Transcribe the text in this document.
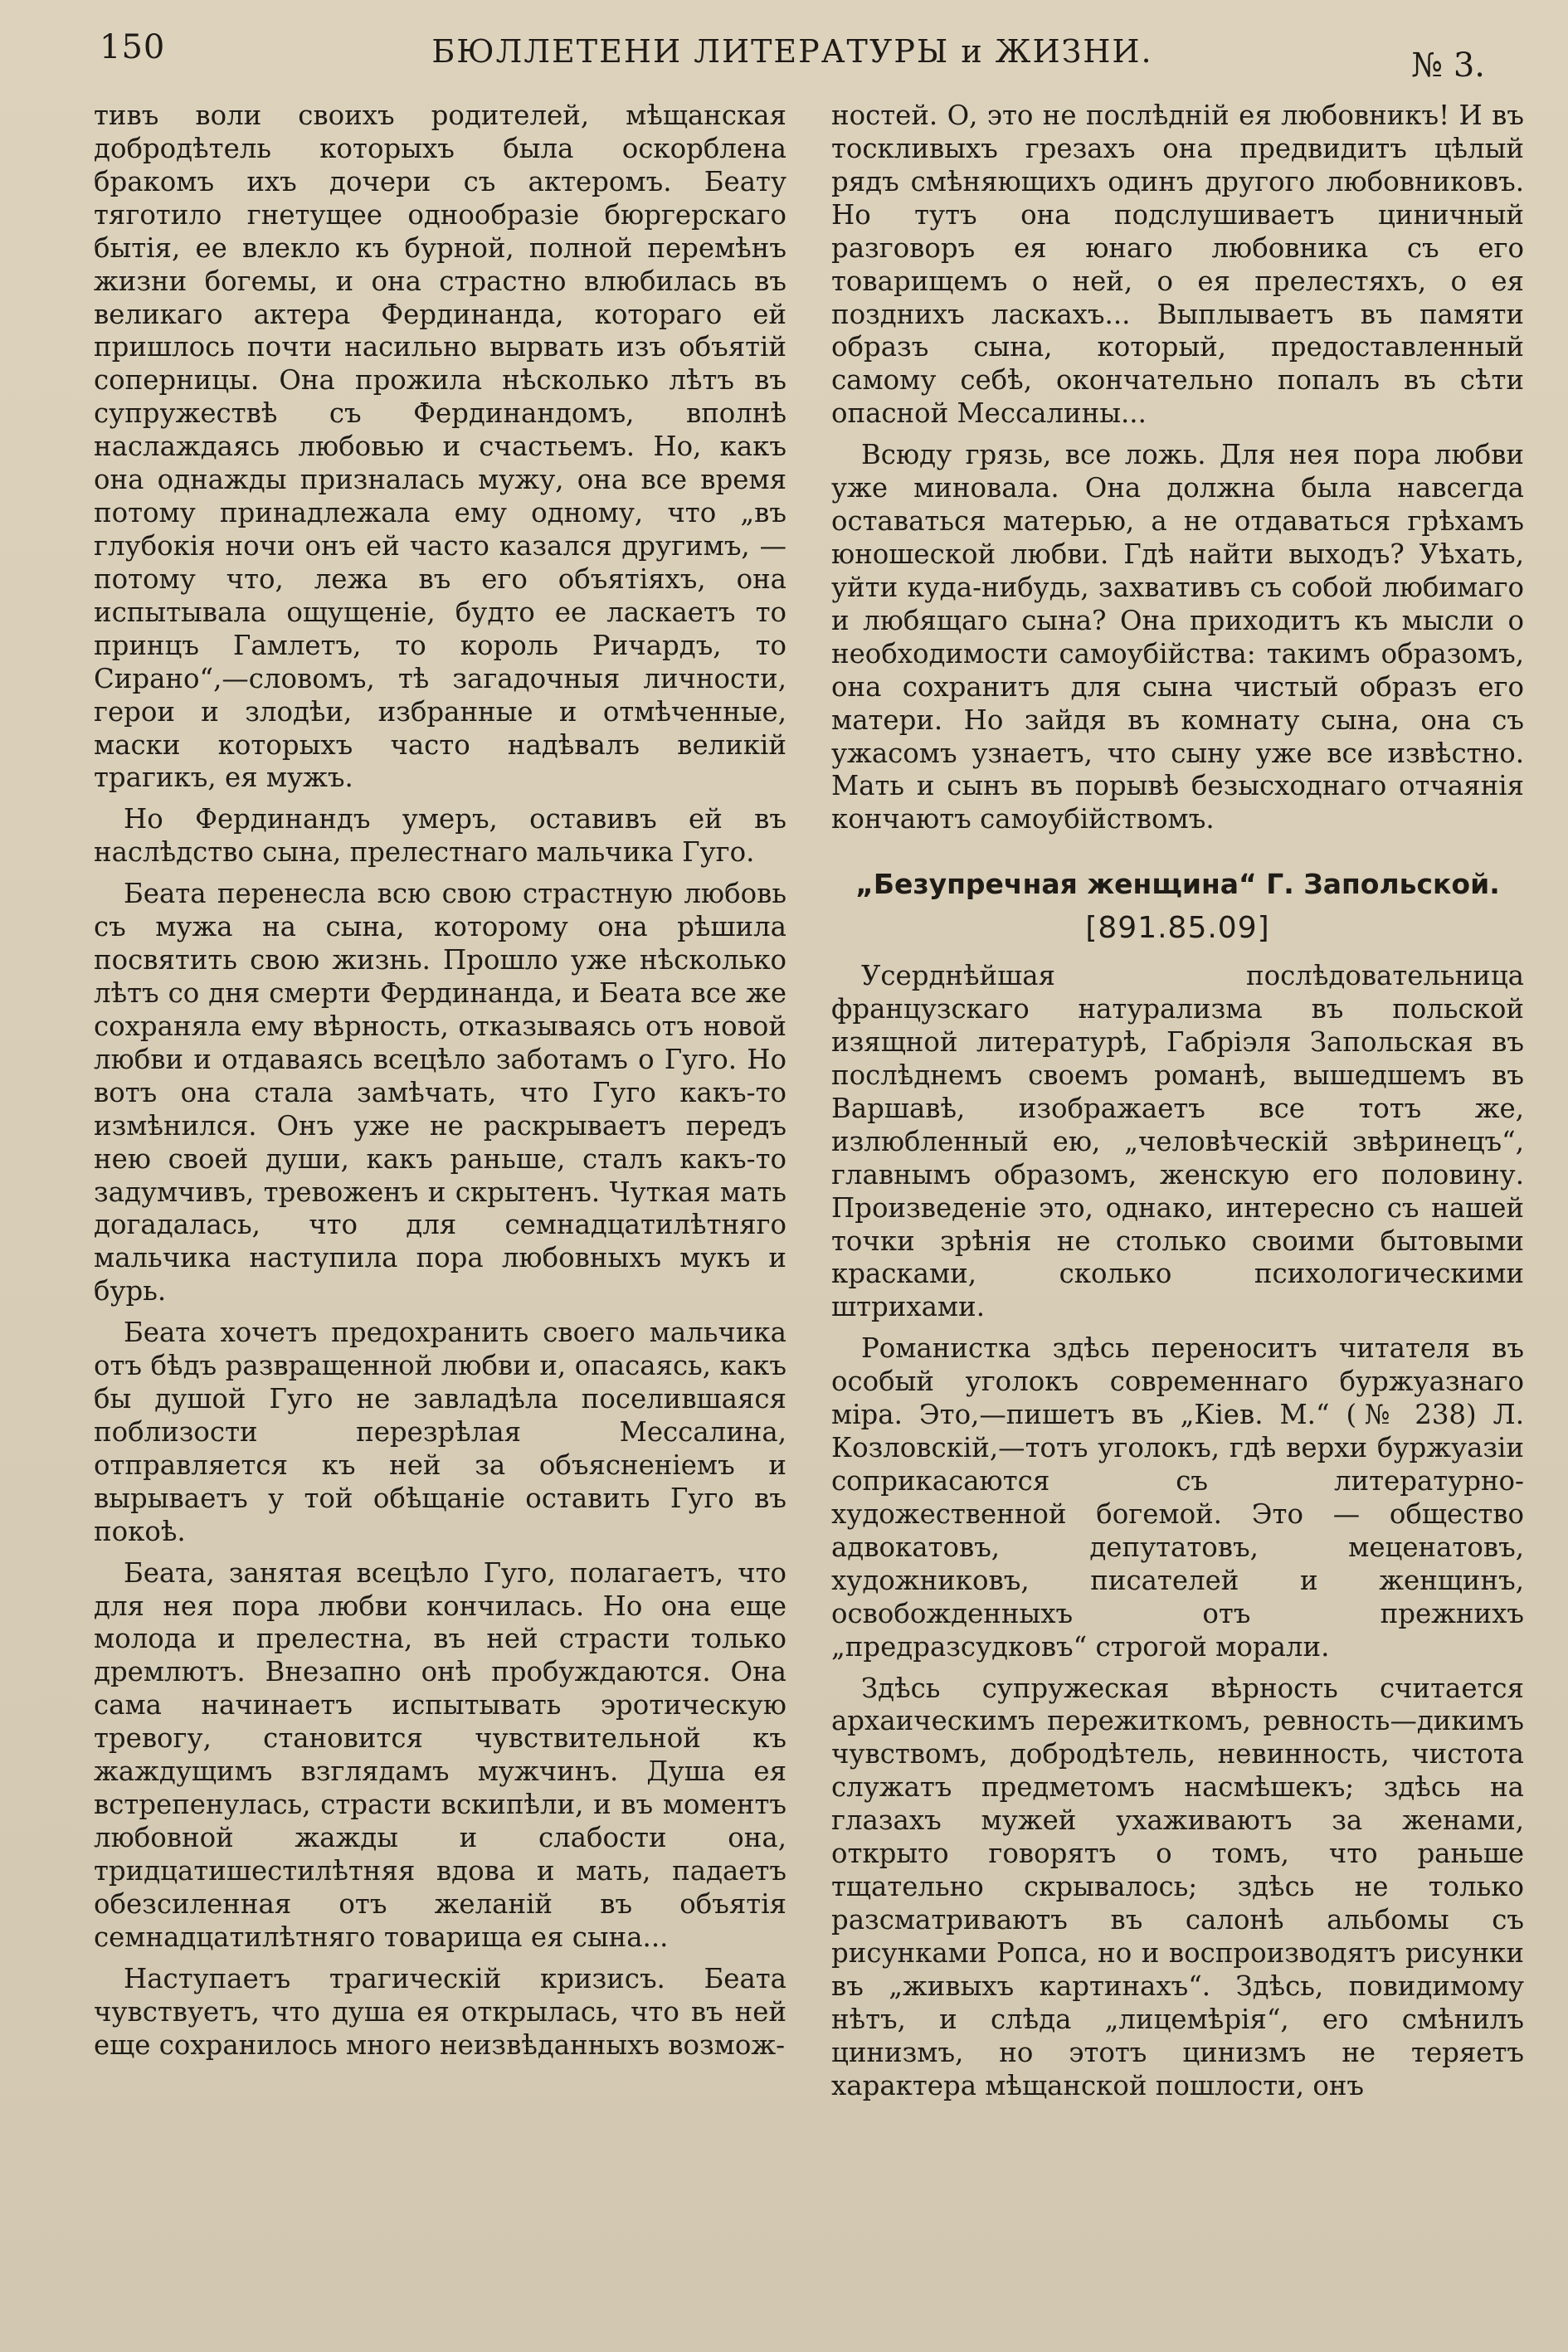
150	БЮЛЛЕТЕНИ ЛИТЕРАТУРЫ и ЖИЗНИ.	№ 3.

тивъ воли своихъ родителей, мѣщанская добродѣтель которыхъ была оскорблена бракомъ ихъ дочери съ актеромъ. Беату тяготило гнетущее однообразіе бюргерскаго бытія, ее влекло къ бурной, полной перемѣнъ жизни богемы, и она страстно влюбилась въ великаго актера Фердинанда, котораго ей пришлось почти насильно вырвать изъ объятій соперницы. Она прожила нѣсколько лѣтъ въ супружествѣ съ Фердинандомъ, вполнѣ наслаждаясь любовью и счастьемъ. Но, какъ она однажды призналась мужу, она все время потому принадлежала ему одному, что „въ глубокія ночи онъ ей часто казался другимъ, — потому что, лежа въ его объятіяхъ, она испытывала ощущеніе, будто ее ласкаетъ то принцъ Гамлетъ, то король Ричардъ, то Сирано“,—словомъ, тѣ загадочныя личности, герои и злодѣи, избранные и отмѣченные, маски которыхъ часто надѣвалъ великій трагикъ, ея мужъ.

Но Фердинандъ умеръ, оставивъ ей въ наслѣдство сына, прелестнаго мальчика Гуго.

Беата перенесла всю свою страстную любовь съ мужа на сына, которому она рѣшила посвятить свою жизнь. Прошло уже нѣсколько лѣтъ со дня смерти Фердинанда, и Беата все же сохраняла ему вѣрность, отказываясь отъ новой любви и отдаваясь всецѣло заботамъ о Гуго. Но вотъ она стала замѣчать, что Гуго какъ-то измѣнился. Онъ уже не раскрываетъ передъ нею своей души, какъ раньше, сталъ какъ-то задумчивъ, тревоженъ и скрытенъ. Чуткая мать догадалась, что для семнадцатилѣтняго мальчика наступила пора любовныхъ мукъ и бурь.

Беата хочетъ предохранить своего мальчика отъ бѣдъ развращенной любви и, опасаясь, какъ бы душой Гуго не завладѣла поселившаяся поблизости перезрѣлая Мессалина, отправляется къ ней за объясненіемъ и вырываетъ у той обѣщаніе оставить Гуго въ покоѣ.

Беата, занятая всецѣло Гуго, полагаетъ, что для нея пора любви кончилась. Но она еще молода и прелестна, въ ней страсти только дремлютъ. Внезапно онѣ пробуждаются. Она сама начинаетъ испытывать эротическую тревогу, становится чувствительной къ жаждущимъ взглядамъ мужчинъ. Душа ея встрепенулась, страсти вскипѣли, и въ моментъ любовной жажды и слабости она, тридцатишестилѣтняя вдова и мать, падаетъ обезсиленная отъ желаній въ объятія семнадцатилѣтняго товарища ея сына...

Наступаетъ трагическій кризисъ. Беата чувствуетъ, что душа ея открылась, что въ ней еще сохранилось много неизвѣданныхъ возмож-

ностей. О, это не послѣдній ея любовникъ! И въ тоскливыхъ грезахъ она предвидитъ цѣлый рядъ смѣняющихъ одинъ другого любовниковъ. Но тутъ она подслушиваетъ циничный разговоръ ея юнаго любовника съ его товарищемъ о ней, о ея прелестяхъ, о ея позднихъ ласкахъ... Выплываетъ въ памяти образъ сына, который, предоставленный самому себѣ, окончательно попалъ въ сѣти опасной Мессалины...

Всюду грязь, все ложь. Для нея пора любви уже миновала. Она должна была навсегда оставаться матерью, а не отдаваться грѣхамъ юношеской любви. Гдѣ найти выходъ? Уѣхать, уйти куда-нибудь, захвативъ съ собой любимаго и любящаго сына? Она приходитъ къ мысли о необходимости самоубійства: такимъ образомъ, она сохранитъ для сына чистый образъ его матери. Но зайдя въ комнату сына, она съ ужасомъ узнаетъ, что сыну уже все извѣстно. Мать и сынъ въ порывѣ безысходнаго отчаянія кончаютъ самоубійствомъ.

„Безупречная женщина“ Г. Запольской.
[891.85.09]

Усерднѣйшая послѣдовательница французскаго натурализма въ польской изящной литературѣ, Габріэля Запольская въ послѣднемъ своемъ романѣ, вышедшемъ въ Варшавѣ, изображаетъ все тотъ же, излюбленный ею, „человѣческій звѣринецъ“, главнымъ образомъ, женскую его половину. Произведеніе это, однако, интересно съ нашей точки зрѣнія не столько своими бытовыми красками, сколько психологическими штрихами.

Романистка здѣсь переноситъ читателя въ особый уголокъ современнаго буржуазнаго міра. Это,—пишетъ въ „Кiев. М.“ (№ 238) Л. Козловскій,—тотъ уголокъ, гдѣ верхи буржуазіи соприкасаются съ литературно-художественной богемой. Это — общество адвокатовъ, депутатовъ, меценатовъ, художниковъ, писателей и женщинъ, освобожденныхъ отъ прежнихъ „предразсудковъ“ строгой морали.

Здѣсь супружеская вѣрность считается архаическимъ пережиткомъ, ревность—дикимъ чувствомъ, добродѣтель, невинность, чистота служатъ предметомъ насмѣшекъ; здѣсь на глазахъ мужей ухаживаютъ за женами, открыто говорятъ о томъ, что раньше тщательно скрывалось; здѣсь не только разсматриваютъ въ салонѣ альбомы съ рисунками Ропса, но и воспроизводятъ рисунки въ „живыхъ картинахъ“. Здѣсь, повидимому нѣтъ, и слѣда „лицемѣрія“, его смѣнилъ цинизмъ, но этотъ цинизмъ не теряетъ характера мѣщанской пошлости, онъ
